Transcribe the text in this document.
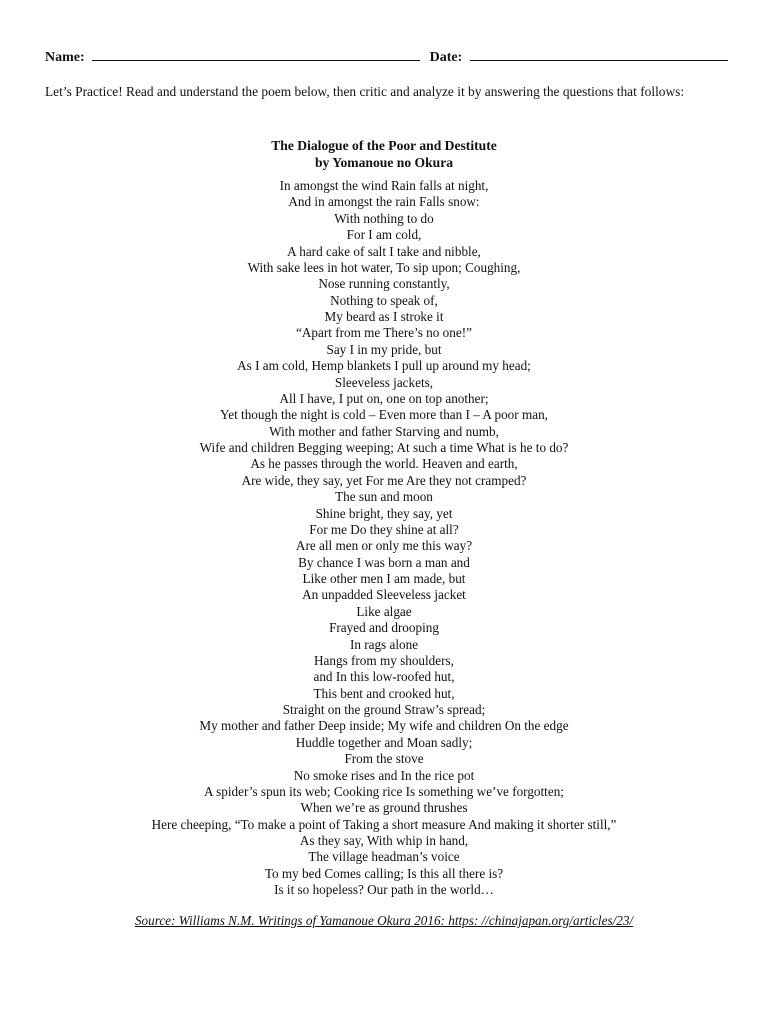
Name:	Date:
Let’s Practice! Read and understand the poem below, then critic and analyze it by answering the questions that follows:
The Dialogue of the Poor and Destitute
by Yomanoue no Okura
In amongst the wind Rain falls at night,
And in amongst the rain Falls snow:
With nothing to do
For I am cold,
A hard cake of salt I take and nibble,
With sake lees in hot water, To sip upon; Coughing,
Nose running constantly,
Nothing to speak of,
My beard as I stroke it
“Apart from me There’s no one!”
Say I in my pride, but
As I am cold, Hemp blankets I pull up around my head;
Sleeveless jackets,
All I have, I put on, one on top another;
Yet though the night is cold – Even more than I – A poor man,
With mother and father Starving and numb,
Wife and children Begging weeping; At such a time What is he to do?
As he passes through the world. Heaven and earth,
Are wide, they say, yet For me Are they not cramped?
The sun and moon
Shine bright, they say, yet
For me Do they shine at all?
Are all men or only me this way?
By chance I was born a man and
Like other men I am made, but
An unpadded Sleeveless jacket
Like algae
Frayed and drooping
In rags alone
Hangs from my shoulders,
and In this low-roofed hut,
This bent and crooked hut,
Straight on the ground Straw’s spread;
My mother and father Deep inside; My wife and children On the edge
Huddle together and Moan sadly;
From the stove
No smoke rises and In the rice pot
A spider’s spun its web; Cooking rice Is something we’ve forgotten;
When we’re as ground thrushes
Here cheeping, “To make a point of Taking a short measure And making it shorter still,”
As they say, With whip in hand,
The village headman’s voice
To my bed Comes calling; Is this all there is?
Is it so hopeless? Our path in the world…
Source: Williams N.M. Writings of Yamanoue Okura 2016: https: //chinajapan.org/articles/23/
